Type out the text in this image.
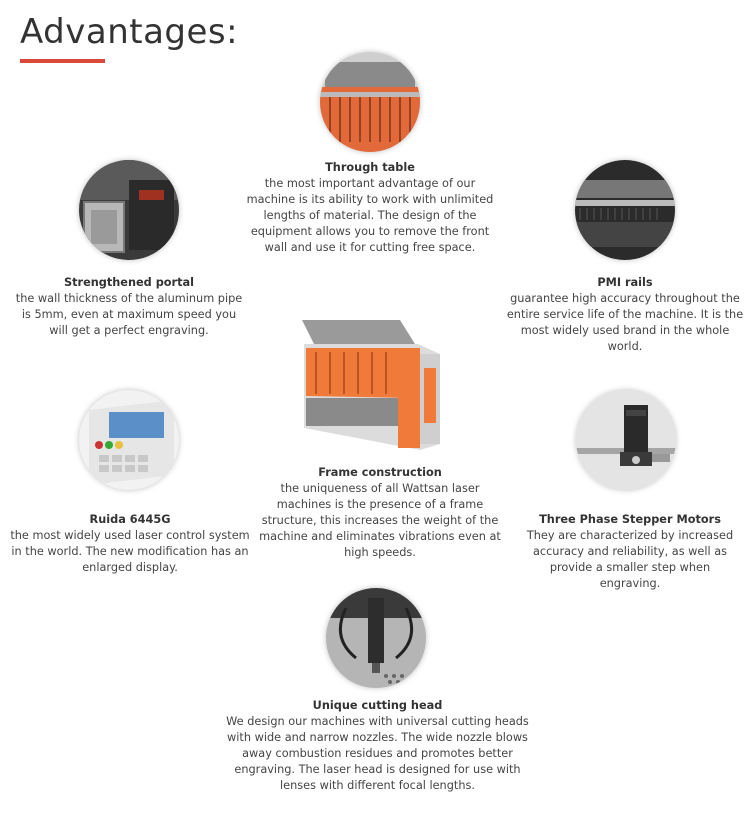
Advantages:
Through table
the most important advantage of our machine is its ability to work with unlimited lengths of material. The design of the equipment allows you to remove the front wall and use it for cutting free space.
Strengthened portal
the wall thickness of the aluminum pipe is 5mm, even at maximum speed you will get a perfect engraving.
PMI rails
guarantee high accuracy throughout the entire service life of the machine. It is the most widely used brand in the whole world.
Frame construction
the uniqueness of all Wattsan laser machines is the presence of a frame structure, this increases the weight of the machine and eliminates vibrations even at high speeds.
Ruida 6445G
the most widely used laser control system in the world. The new modification has an enlarged display.
Three Phase Stepper Motors
They are characterized by increased accuracy and reliability, as well as provide a smaller step when engraving.
Unique cutting head
We design our machines with universal cutting heads with wide and narrow nozzles. The wide nozzle blows away combustion residues and promotes better engraving. The laser head is designed for use with lenses with different focal lengths.
